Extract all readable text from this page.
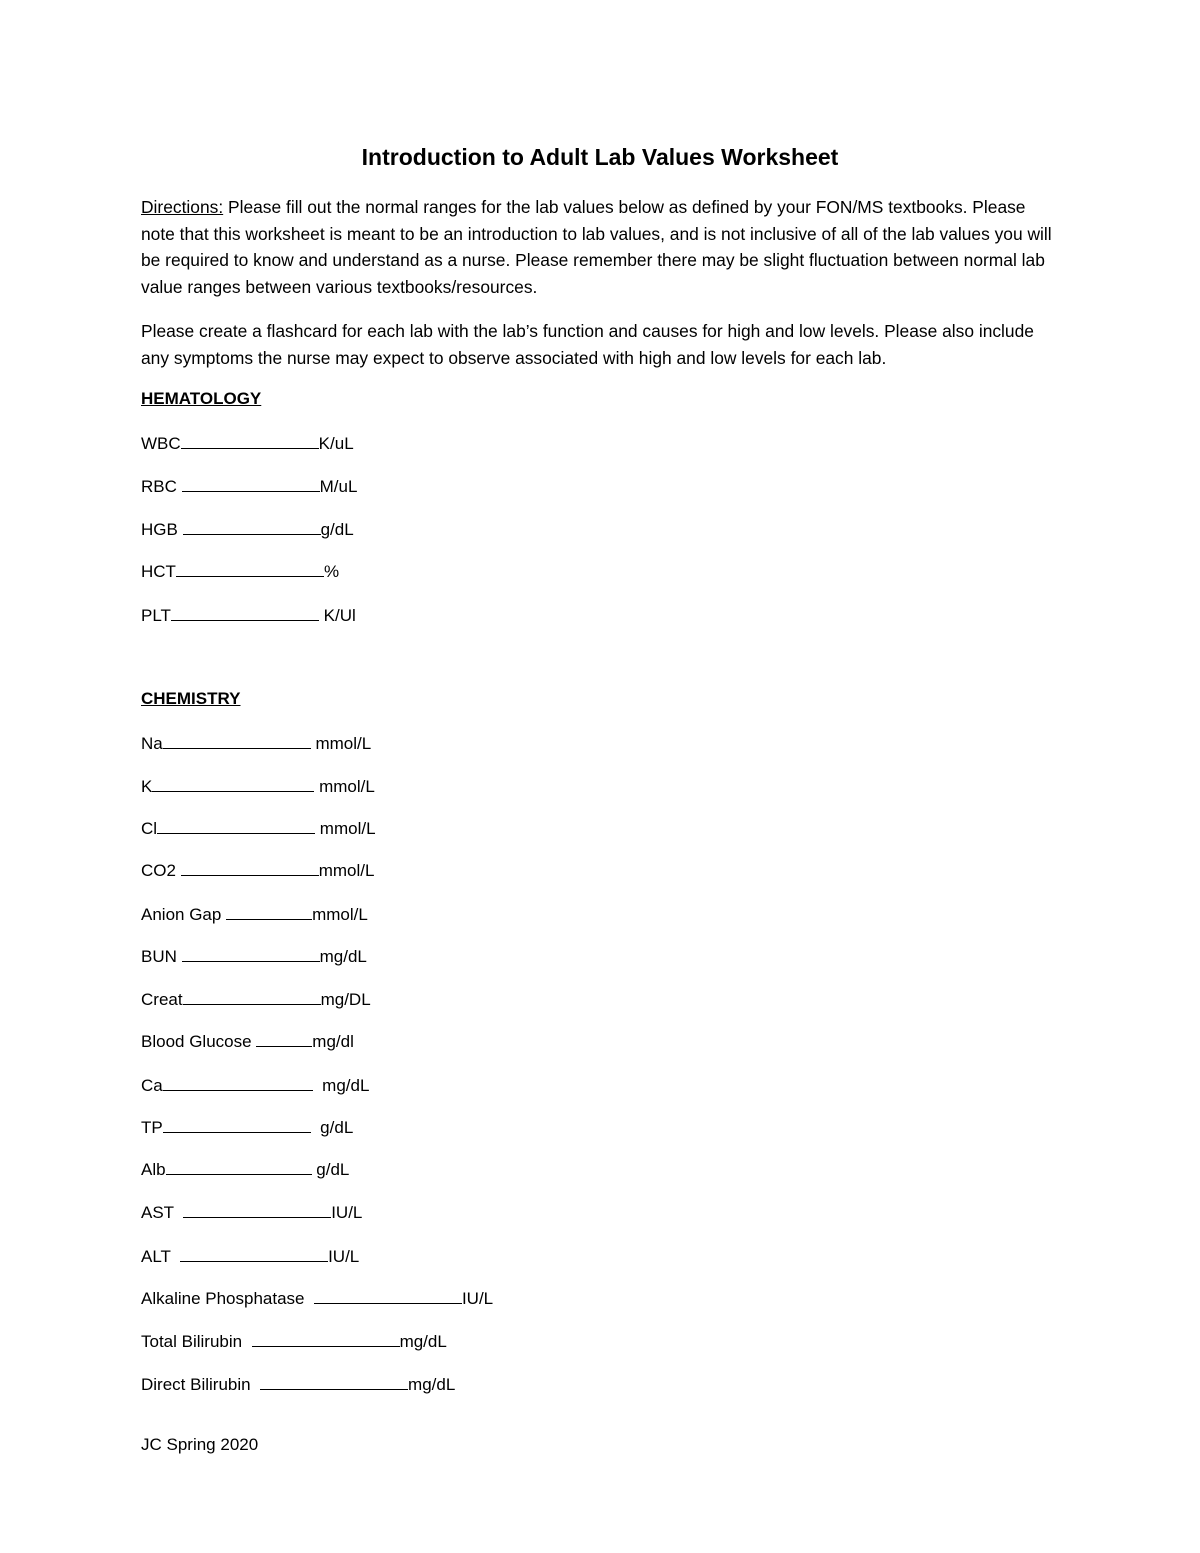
Introduction to Adult Lab Values Worksheet

Directions: Please fill out the normal ranges for the lab values below as defined by your FON/MS textbooks. Please note that this worksheet is meant to be an introduction to lab values, and is not inclusive of all of the lab values you will be required to know and understand as a nurse. Please remember there may be slight fluctuation between normal lab value ranges between various textbooks/resources.

Please create a flashcard for each lab with the lab’s function and causes for high and low levels. Please also include any symptoms the nurse may expect to observe associated with high and low levels for each lab.

HEMATOLOGY
WBC	K/uL
RBC	M/uL
HGB	g/dL
HCT	%
PLT	K/Ul
CHEMISTRY
Na	mmol/L
K	mmol/L
Cl	mmol/L
CO2	mmol/L
Anion Gap	mmol/L
BUN	mg/dL
Creat	mg/DL
Blood Glucose	mg/dl
Ca	mg/dL
TP	g/dL
Alb	g/dL
AST	IU/L
ALT	IU/L
Alkaline Phosphatase	IU/L
Total Bilirubin	mg/dL
Direct Bilirubin	mg/dL
JC Spring 2020
